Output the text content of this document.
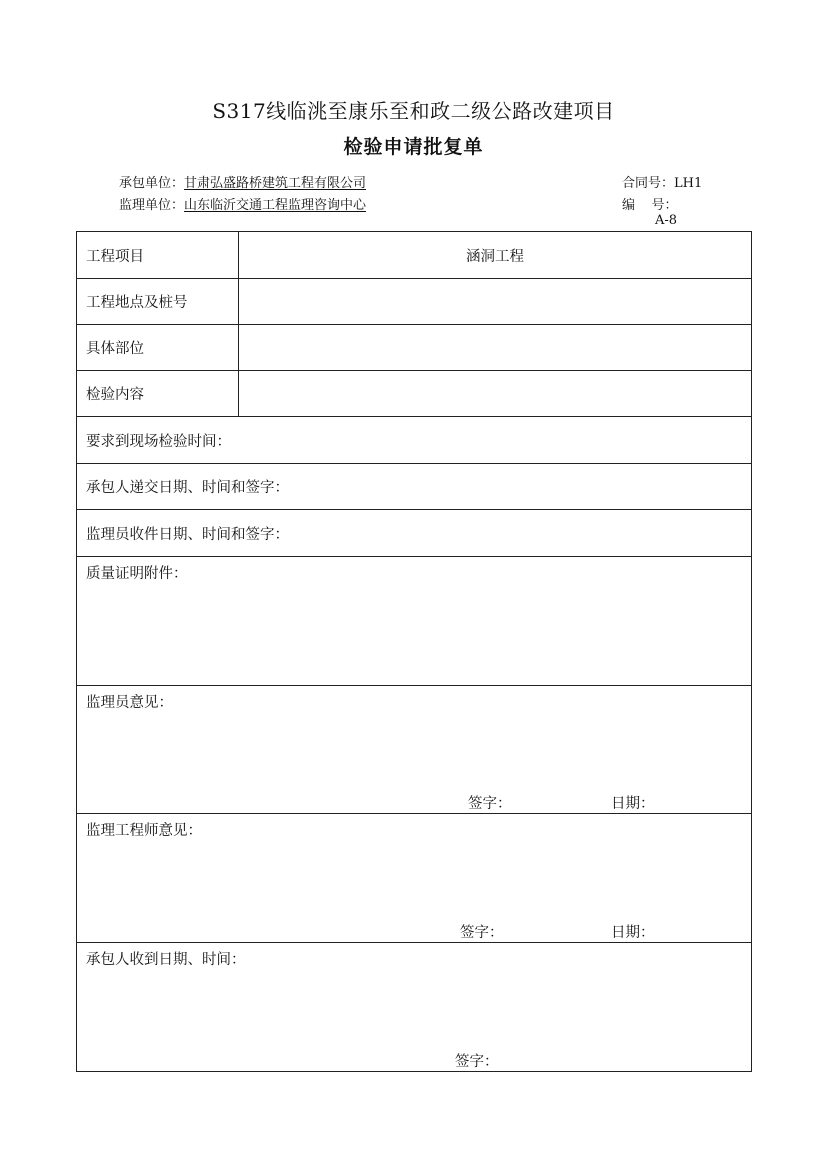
S317线临洮至康乐至和政二级公路改建项目
检验申请批复单
承包单位：甘肃弘盛路桥建筑工程有限公司
监理单位：山东临沂交通工程监理咨询中心
合同号：LH1
编    号：
A-8
工程项目	涵洞工程
工程地点及桩号	
具体部位	
检验内容	
要求到现场检验时间：	
承包人递交日期、时间和签字：	
监理员收件日期、时间和签字：	
质量证明附件：	
监理员意见：
签字： 日期：	

监理工程师意见：
签字： 日期：	

承包人收到日期、时间：
签字：	
